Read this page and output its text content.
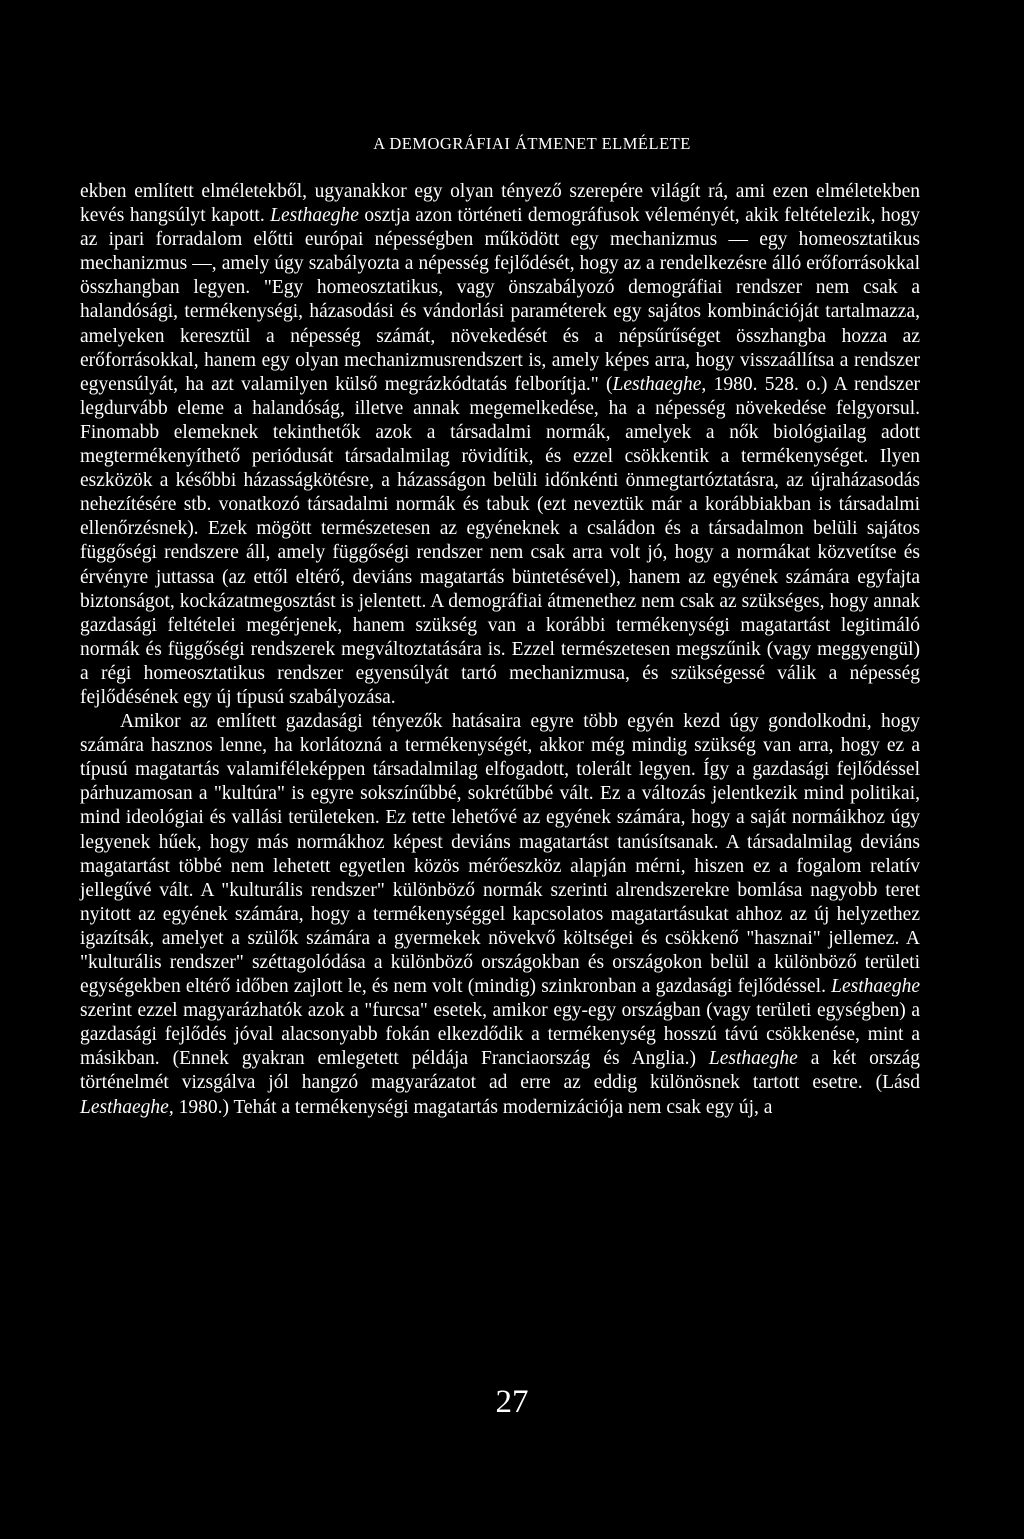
A DEMOGRÁFIAI ÁTMENET ELMÉLETE

ekben említett elméletekből, ugyanakkor egy olyan tényező szerepére világít rá, ami ezen elméletekben kevés hangsúlyt kapott. Lesthaeghe osztja azon történeti demográfusok véleményét, akik feltételezik, hogy az ipari forradalom előtti európai népességben működött egy mechanizmus — egy homeosztatikus mechanizmus —, amely úgy szabályozta a népesség fejlődését, hogy az a rendelkezésre álló erőforrásokkal összhangban legyen. "Egy homeosztatikus, vagy önszabályozó demográfiai rendszer nem csak a halandósági, termékenységi, házasodási és vándorlási paraméterek egy sajátos kombinációját tartalmazza, amelyeken keresztül a népesség számát, növekedését és a népsűrűséget összhangba hozza az erőforrásokkal, hanem egy olyan mechanizmusrendszert is, amely képes arra, hogy visszaállítsa a rendszer egyensúlyát, ha azt valamilyen külső megrázkódtatás felborítja." (Lesthaeghe, 1980. 528. o.) A rendszer legdurvább eleme a halandóság, illetve annak megemelkedése, ha a népesség növekedése felgyorsul. Finomabb elemeknek tekinthetők azok a társadalmi normák, amelyek a nők biológiailag adott megtermékenyíthető periódusát társadalmilag rövidítik, és ezzel csökkentik a termékenységet. Ilyen eszközök a későbbi házasságkötésre, a házasságon belüli időnkénti önmegtartóztatásra, az újraházasodás nehezítésére stb. vonatkozó társadalmi normák és tabuk (ezt neveztük már a korábbiakban is társadalmi ellenőrzésnek). Ezek mögött természetesen az egyéneknek a családon és a társadalmon belüli sajátos függőségi rendszere áll, amely függőségi rendszer nem csak arra volt jó, hogy a normákat közvetítse és érvényre juttassa (az ettől eltérő, deviáns magatartás büntetésével), hanem az egyének számára egyfajta biztonságot, kockázatmegosztást is jelentett. A demográfiai átmenethez nem csak az szükséges, hogy annak gazdasági feltételei megérjenek, hanem szükség van a korábbi termékenységi magatartást legitimáló normák és függőségi rendszerek megváltoztatására is. Ezzel természetesen megszűnik (vagy meggyengül) a régi homeosztatikus rendszer egyensúlyát tartó mechanizmusa, és szükségessé válik a népesség fejlődésének egy új típusú szabályozása.

Amikor az említett gazdasági tényezők hatásaira egyre több egyén kezd úgy gondolkodni, hogy számára hasznos lenne, ha korlátozná a termékenységét, akkor még mindig szükség van arra, hogy ez a típusú magatartás valamiféleképpen társadalmilag elfogadott, tolerált legyen. Így a gazdasági fejlődéssel párhuzamosan a "kultúra" is egyre sokszínűbbé, sokrétűbbé vált. Ez a változás jelentkezik mind politikai, mind ideológiai és vallási területeken. Ez tette lehetővé az egyének számára, hogy a saját normáikhoz úgy legyenek hűek, hogy más normákhoz képest deviáns magatartást tanúsítsanak. A társadalmilag deviáns magatartást többé nem lehetett egyetlen közös mérőeszköz alapján mérni, hiszen ez a fogalom relatív jellegűvé vált. A "kulturális rendszer" különböző normák szerinti alrendszerekre bomlása nagyobb teret nyitott az egyének számára, hogy a termékenységgel kapcsolatos magatartásukat ahhoz az új helyzethez igazítsák, amelyet a szülők számára a gyermekek növekvő költségei és csökkenő "hasznai" jellemez. A "kulturális rendszer" széttagolódása a különböző országokban és országokon belül a különböző területi egységekben eltérő időben zajlott le, és nem volt (mindig) szinkronban a gazdasági fejlődéssel. Lesthaeghe szerint ezzel magyarázhatók azok a "furcsa" esetek, amikor egy-egy országban (vagy területi egységben) a gazdasági fejlődés jóval alacsonyabb fokán elkezdődik a termékenység hosszú távú csökkenése, mint a másikban. (Ennek gyakran emlegetett példája Franciaország és Anglia.) Lesthaeghe a két ország történelmét vizsgálva jól hangzó magyarázatot ad erre az eddig különösnek tartott esetre. (Lásd Lesthaeghe, 1980.) Tehát a termékenységi magatartás modernizációja nem csak egy új, a

27
